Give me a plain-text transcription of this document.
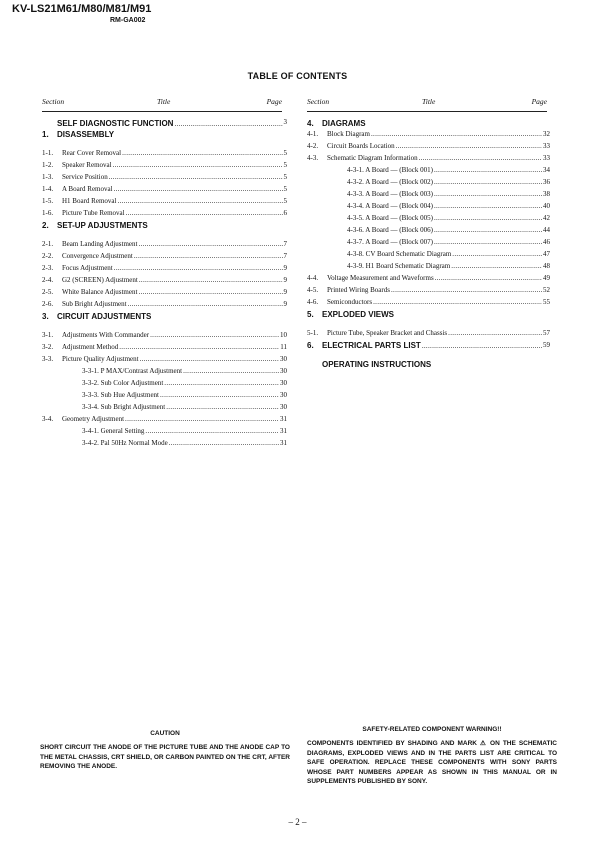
KV-LS21M61/M80/M81/M91
RM-GA002
TABLE OF CONTENTS
Section	Title	Page	Section	Title	Page
SELF DIAGNOSTIC FUNCTION .....	3
1. DISASSEMBLY
1-1. Rear Cover Removal .....	5
1-2. Speaker Removal .....	5
1-3. Service Position .....	5
1-4. A Board Removal .....	5
1-5. H1 Board Removal .....	5
1-6. Picture Tube Removal .....	6
2. SET-UP ADJUSTMENTS
2-1. Beam Landing Adjustment .....	7
2-2. Convergence Adjustment .....	7
2-3. Focus Adjustment .....	9
2-4. G2 (SCREEN) Adjustment .....	9
2-5. White Balance Adjustment .....	9
2-6. Sub Bright Adjustment .....	9
3. CIRCUIT ADJUSTMENTS
3-1. Adjustments With Commander .....	10
3-2. Adjustment Method .....	11
3-3. Picture Quality Adjustment .....	30
3-3-1. P MAX/Contrast Adjustment .....	30
3-3-2. Sub Color Adjustment .....	30
3-3-3. Sub Hue Adjustment .....	30
3-3-4. Sub Bright Adjustment .....	30
3-4. Geometry Adjustment .....	31
3-4-1. General Setting .....	31
3-4-2. Pal 50Hz Normal Mode .....	31
4. DIAGRAMS
4-1. Block Diagram .....	32
4-2. Circuit Boards Location .....	33
4-3. Schematic Diagram Information .....	33
4-3-1. A Board — (Block 001) .....	34
4-3-2. A Board — (Block 002) .....	36
4-3-3. A Board — (Block 003) .....	38
4-3-4. A Board — (Block 004) .....	40
4-3-5. A Board — (Block 005) .....	42
4-3-6. A Board — (Block 006) .....	44
4-3-7. A Board — (Block 007) .....	46
4-3-8. CV Board Schematic Diagram .....	47
4-3-9. H1 Board Schematic Diagram .....	48
4-4. Voltage Measurement and Waveforms .....	49
4-5. Printed Wiring Boards .....	52
4-6. Semiconductors .....	55
5. EXPLODED VIEWS
5-1. Picture Tube, Speaker Bracket and Chassis .....	57
6. ELECTRICAL PARTS LIST .....	59
OPERATING INSTRUCTIONS
CAUTION
SHORT CIRCUIT THE ANODE OF THE PICTURE TUBE AND THE ANODE CAP TO THE METAL CHASSIS, CRT SHIELD, OR CARBON PAINTED ON THE CRT, AFTER REMOVING THE ANODE.
SAFETY-RELATED COMPONENT WARNING!!
COMPONENTS IDENTIFIED BY SHADING AND MARK ⚠ ON THE SCHEMATIC DIAGRAMS, EXPLODED VIEWS AND IN THE PARTS LIST ARE CRITICAL TO SAFE OPERATION. REPLACE THESE COMPONENTS WITH SONY PARTS WHOSE PART NUMBERS APPEAR AS SHOWN IN THIS MANUAL OR IN SUPPLEMENTS PUBLISHED BY SONY.
– 2 –
